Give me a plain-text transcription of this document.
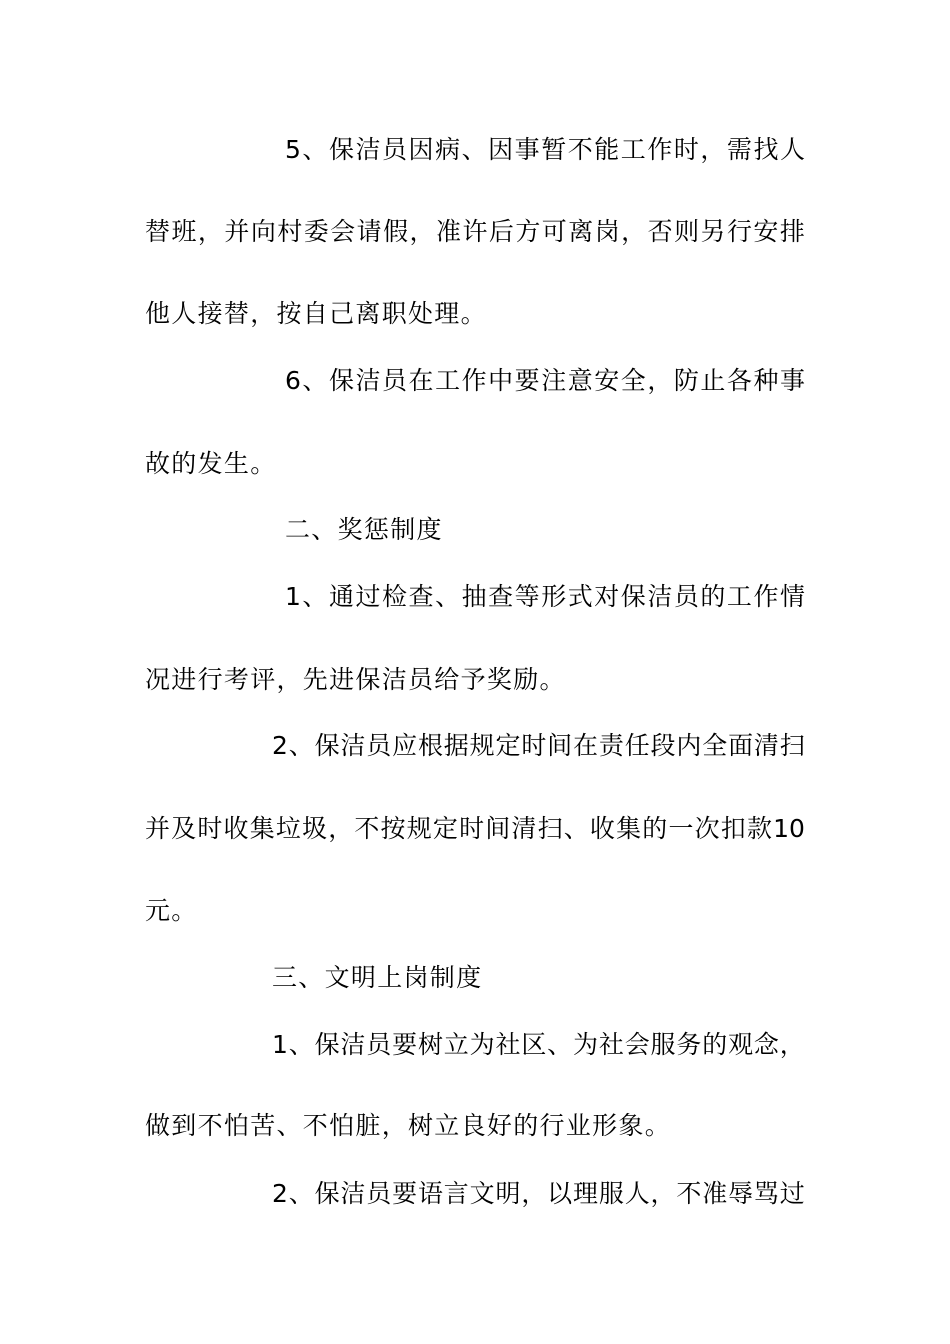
5 、 保 洁 员 因 病 、 因 事 暂 不 能 工 作 时 ， 需 找 人
替 班 ， 并 向 村 委 会 请 假 ， 准 许 后 方 可 离 岗 ， 否 则 另 行 安 排
他人接替，按自己离职处理。
6 、 保 洁 员 在 工 作 中 要 注 意 安 全 ， 防 止 各 种 事
故的发生。
二、奖惩制度
1 、 通 过 检 查 、 抽 查 等 形 式 对 保 洁 员 的 工 作 情
况进行考评，先进保洁员给予奖励。
2 、 保 洁 员 应 根 据 规 定 时 间 在 责 任 段 内 全 面 清 扫
并 及 时 收 集 垃 圾 ， 不 按 规 定 时 间 清 扫 、 收 集 的 一 次 扣 款 10
元。
三、文明上岗制度
1 、 保 洁 员 要 树 立 为 社 区 、 为 社 会 服 务 的 观 念 ，
做到不怕苦、不怕脏，树立良好的行业形象。
2 、 保 洁 员 要 语 言 文 明 ， 以 理 服 人 ， 不 准 辱 骂 过
